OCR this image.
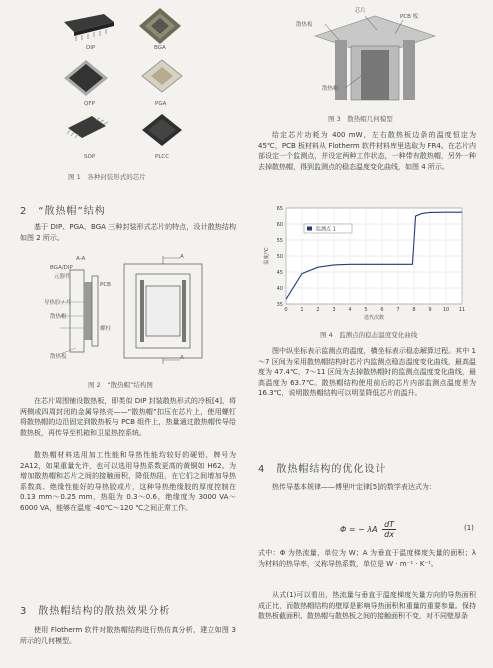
DIP	BGA
QFP	PGA
SOP	PLCC
图 1　各种封装形式的芯片
2　“散热帽”结构
基于 DIP、PGA、BGA 三种封装形式芯片的特点，设计散热结构如图 2 所示。
A-A
BGA/DIP
元器件
PCB
导热胶 / 片
散热帽
螺柱
散热板
A
A
图 2　“散热帽”结构图
在芯片周围铺设散热板，即类似 DIP 封装散热形式的冷板[4]，将两侧或四周封闭的金属导热壳——“散热帽”扣压在芯片上，使用螺钉将散热帽的边沿固定到散热板与 PCB 组件上，热量通过散热帽传导给散热板，再传导至机箱和卫星热控系统。
散热帽材料选用加工性能和导热性能均较好的硬铝，牌号为 2A12，如果重量允许，也可以选用导热系数更高的黄铜如 H62。为增加散热帽和芯片之间的接触面积，降低热阻，在它们之间增加导热系数高、绝缘性能好的导热胶或片，这种导热绝缘胶的厚度控制在 0.13 mm～0.25 mm，热阻为 0.3～0.6，绝缘度为 3000 VA～6000 VA，能够在温度 -40℃～120 ℃之间正常工作。
3　散热帽结构的散热效果分析
使用 Flotherm 软件对散热帽结构进行热仿真分析，建立如图 3 所示的几何模型。
散热板
芯片
PCB 板
散热帽
图 3　散热帽几何模型
给定芯片功耗为 400 mW，左右散热板边条的温度恒定为 45℃，PCB 板材料从 Flotherm 软件材料库里选取为 FR4。在芯片内部设定一个监测点，并设定两种工作状态，一种带有散热帽，另外一种去掉散热帽，得到监测点的稳态温度变化曲线，如图 4 所示。
35
40
45
50
55
60
65
0	1	2	3	4	5	6	7	8	9 10 11
温度/℃
迭代次数
监测点 1
图 4　监测点的稳态温度变化曲线
图中纵坐标表示监测点的温度，横坐标表示稳态解算过程。其中 1～7 区间为采用散热帽结构时芯片内监测点稳态温度变化曲线，最高温度为 47.4℃，7～11 区间为去掉散热帽时的监测点温度变化曲线，最高温度为 63.7℃。散热帽结构使用前后的芯片内部监测点温度差为 16.3℃，说明散热帽结构可以明显降低芯片的温升。
4　散热帽结构的优化设计
热传导基本规律——傅里叶定律[5]的数学表达式为：
Φ = − λA $\frac{dT}{dx}$	(1)
式中：Φ 为热流量，单位为 W；A 为垂直于温度梯度矢量的面积；λ 为材料的热导率，又称导热系数，单位是 W · m⁻¹ · K⁻¹。
从式(1)可以看出，热流量与垂直于温度梯度矢量方向的导热面积成正比，而散热帽结构的壁厚是影响导热面积和重量的重要参量。保持散热板截面积、散热帽与散热板之间的接触面积不变，对不同壁厚条
